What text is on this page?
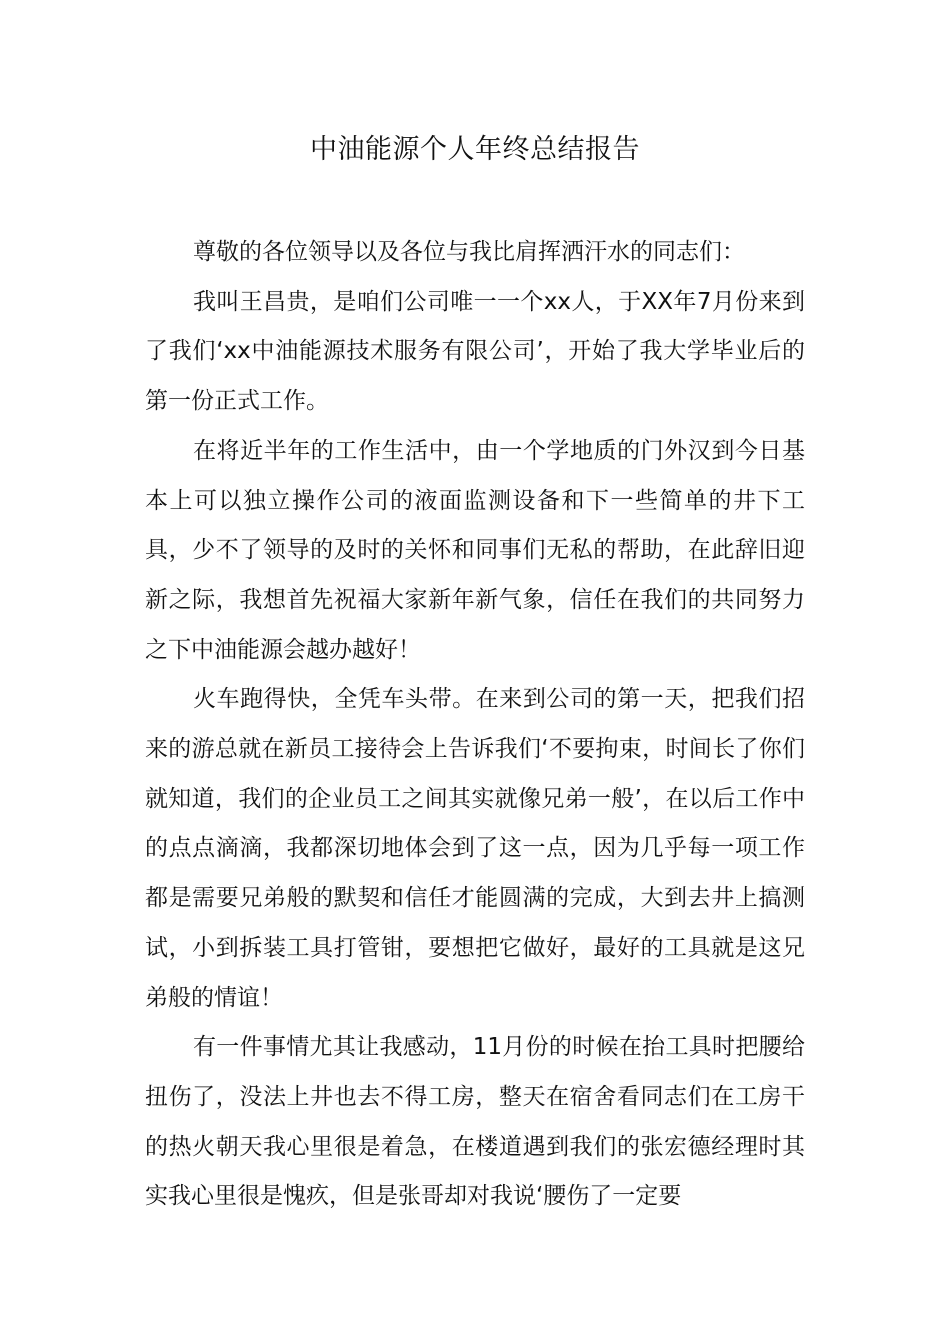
中油能源个人年终总结报告

尊敬的各位领导以及各位与我比肩挥洒汗水的同志们：

我叫王昌贵，是咱们公司唯一一个xx人，于XX年7月份来到了我们‘xx中油能源技术服务有限公司’，开始了我大学毕业后的第一份正式工作。

在将近半年的工作生活中，由一个学地质的门外汉到今日基本上可以独立操作公司的液面监测设备和下一些简单的井下工具，少不了领导的及时的关怀和同事们无私的帮助，在此辞旧迎新之际，我想首先祝福大家新年新气象，信任在我们的共同努力之下中油能源会越办越好！

火车跑得快，全凭车头带。在来到公司的第一天，把我们招来的游总就在新员工接待会上告诉我们‘不要拘束，时间长了你们就知道，我们的企业员工之间其实就像兄弟一般’，在以后工作中的点点滴滴，我都深切地体会到了这一点，因为几乎每一项工作都是需要兄弟般的默契和信任才能圆满的完成，大到去井上搞测试，小到拆装工具打管钳，要想把它做好，最好的工具就是这兄弟般的情谊！

有一件事情尤其让我感动，11月份的时候在抬工具时把腰给扭伤了，没法上井也去不得工房，整天在宿舍看同志们在工房干的热火朝天我心里很是着急，在楼道遇到我们的张宏德经理时其实我心里很是愧疚，但是张哥却对我说‘腰伤了一定要
